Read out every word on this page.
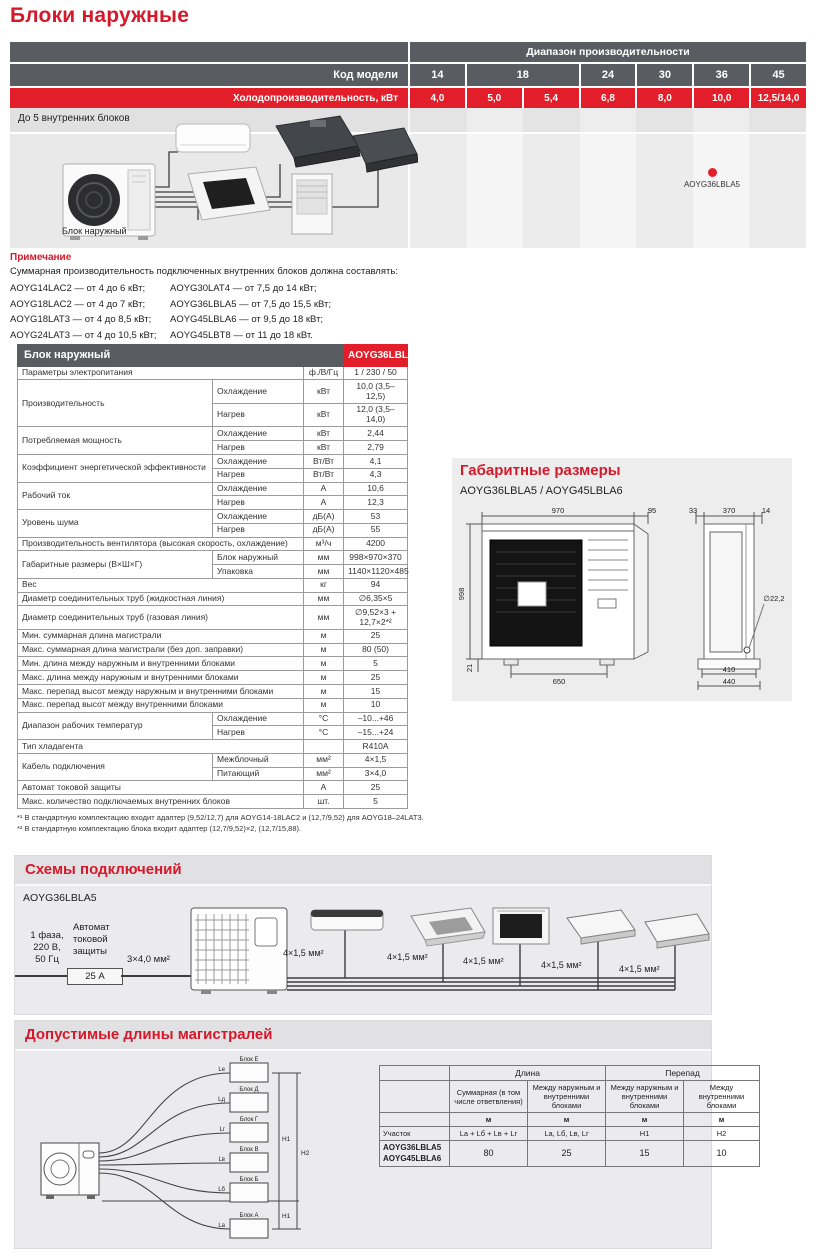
Блоки наружные
Диапазон производительности
Код модели	14	18	24	30	36	45
Холодопроизводительность, кВт	4,0	5,0	5,4	6,8	8,0	10,0	12,5/14,0
До 5 внутренних блоков
AOYG36LBLA5
Блок наружный
Примечание
Суммарная производительность подключенных внутренних блоков должна составлять:
AOYG14LAC2 — от 4 до 6 кВт;
AOYG18LAC2 — от 4 до 7 кВт;
AOYG18LAT3 — от 4 до 8,5 кВт;
AOYG24LAT3 — от 4 до 10,5 кВт;
AOYG30LAT4 — от 7,5 до 14 кВт;
AOYG36LBLA5 — от 7,5 до 15,5 кВт;
AOYG45LBLA6 — от 9,5 до 18 кВт;
AOYG45LBT8 — от 11 до 18 кВт.
Блок наружный			AOYG36LBLA5
Параметры электропитания		ф./В/Гц	1 / 230 / 50
Производительность	Охлаждение	кВт	10,0 (3,5–12,5)
	Нагрев	кВт	12,0 (3,5–14,0)
Потребляемая мощность	Охлаждение	кВт	2,44
	Нагрев	кВт	2,79
Коэффициент энергетической эффективности	Охлаждение	Вт/Вт	4,1
	Нагрев	Вт/Вт	4,3
Рабочий ток	Охлаждение	А	10,6
	Нагрев	А	12,3
Уровень шума	Охлаждение	дБ(А)	53
	Нагрев	дБ(А)	55
Производительность вентилятора (высокая скорость, охлаждение)		м³/ч	4200
Габаритные размеры (В×Ш×Г)	Блок наружный	мм	998×970×370
	Упаковка	мм	1140×1120×485
Вес		кг	94
Диаметр соединительных труб (жидкостная линия)		мм	∅6,35×5
Диаметр соединительных труб (газовая линия)		мм	∅9,52×3 + 12,7×2*²
Мин. суммарная длина магистрали		м	25
Макс. суммарная длина магистрали (без доп. заправки)		м	80 (50)
Мин. длина между наружным и внутренними блоками		м	5
Макс. длина между наружным и внутренними блоками		м	25
Макс. перепад высот между наружным и внутренними блоками		м	15
Макс. перепад высот между внутренними блоками		м	10
Диапазон рабочих температур	Охлаждение	°C	–10...+46
	Нагрев	°C	–15...+24
Тип хладагента			R410A
Кабель подключения	Межблочный	мм²	4×1,5
	Питающий	мм²	3×4,0
Автомат токовой защиты		А	25
Макс. количество подключаемых внутренних блоков		шт.	5
*¹ В стандартную комплектацию входит адаптер (9,52/12,7) для AOYG14-18LAC2 и (12,7/9,52) для AOYG18–24LAT3.
*² В стандартную комплектацию блока входит адаптер (12,7/9,52)×2, (12,7/15,88).
Габаритные размеры
AOYG36LBLA5 / AOYG45LBLA6
970	95
998
21
650
33	370	14
∅22,2
410
440
Схемы подключений
AOYG36LBLA5
1 фаза,
220 В,
50 Гц
Автомат
токовой
защиты
25 А
3×4,0 мм²
4×1,5 мм²	4×1,5 мм²	4×1,5 мм²	4×1,5 мм²	4×1,5 мм²
Допустимые длины магистралей
Блок Е
Блок Д
Блок Г
Блок В
Блок Б
Блок А
Lе
Lд
Lг
Lв
Lб
Lа
H1
H2
H1
	Длина		Перепад	
	Суммарная (в том числе ответвления)	Между наружным и внутренними блоками	Между наружным и внутренними блоками	Между внутренними блоками
	м	м	м	м
Участок	Lа + Lб + Lв + Lг	Lа, Lб, Lв, Lг	H1	H2

AOYG36LBLA5
AOYG45LBLA6	80	25	15	10
